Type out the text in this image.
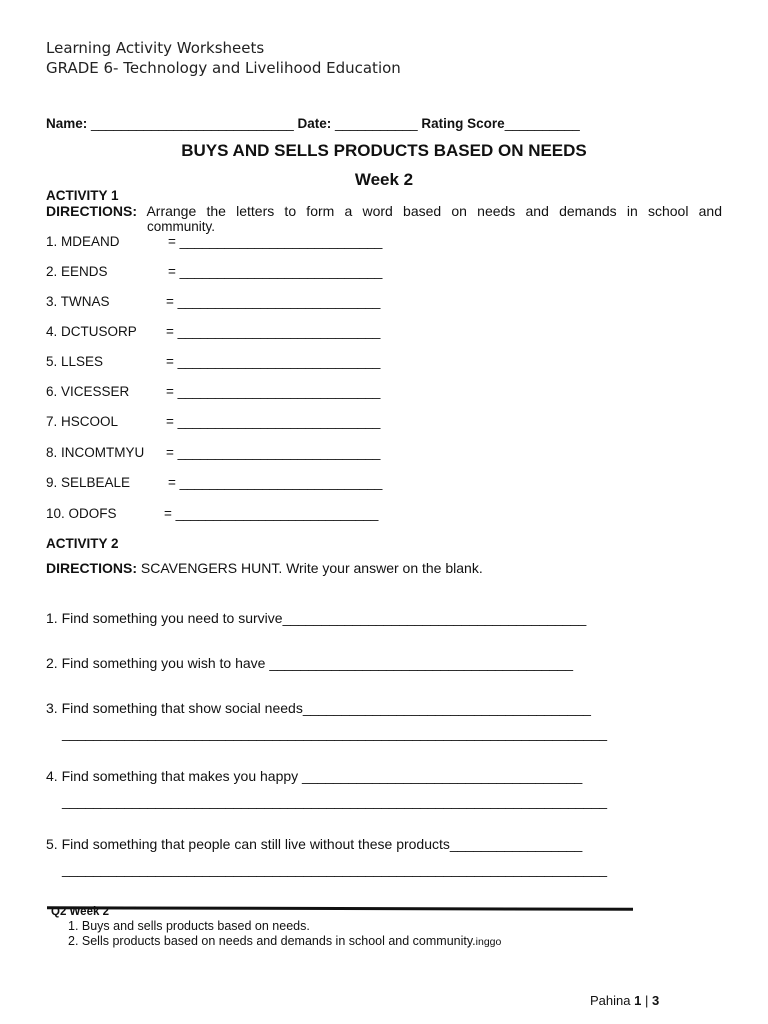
Learning Activity Worksheets
GRADE 6- Technology and Livelihood Education
Name: ___________________________ Date: ___________ Rating Score__________
BUYS AND SELLS PRODUCTS BASED ON NEEDS
Week 2
ACTIVITY 1
DIRECTIONS: Arrange the letters to form a word based on needs and demands in school and
community.
1. MDEAND	= ___________________________
2. EENDS	= ___________________________
3. TWNAS	= ___________________________
4. DCTUSORP = ___________________________
5. LLSES	= ___________________________
6. VICESSER	= ___________________________
7. HSCOOL	= ___________________________
8. INCOMTMYU = ___________________________
9. SELBEALE	= ___________________________
10. ODOFS	= ___________________________
ACTIVITY 2
DIRECTIONS: SCAVENGERS HUNT. Write your answer on the blank.
1. Find something you need to survive_______________________________________
2. Find something you wish to have _______________________________________
3. Find something that show social needs_____________________________________
______________________________________________________________________
4. Find something that makes you happy ____________________________________
______________________________________________________________________
5. Find something that people can still live without these products_________________
______________________________________________________________________
Q2 Week 2
1. Buys and sells products based on needs.
2. Sells products based on needs and demands in school and community.inggo
Pahina 1 | 3
